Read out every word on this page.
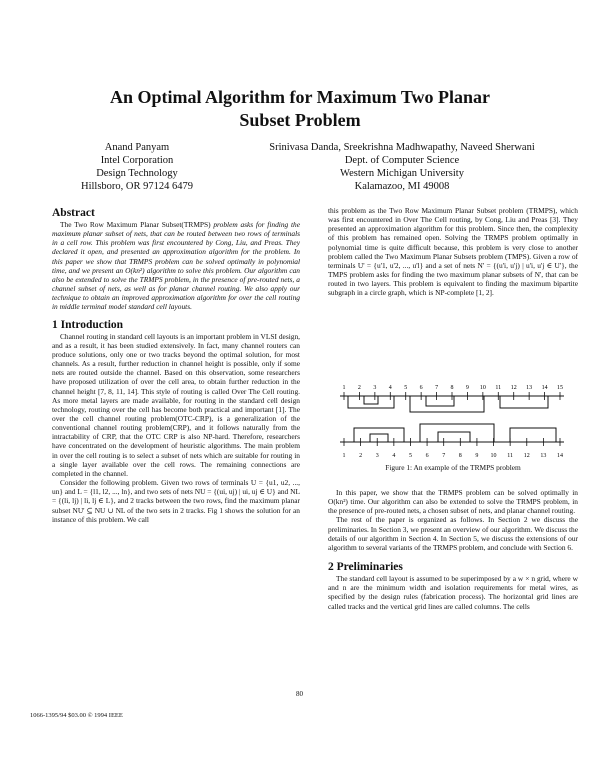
An Optimal Algorithm for Maximum Two Planar
Subset Problem
Anand Panyam
Intel Corporation
Design Technology
Hillsboro, OR 97124 6479
Srinivasa Danda, Sreekrishna Madhwapathy, Naveed Sherwani
Dept. of Computer Science
Western Michigan University
Kalamazoo, MI 49008
Abstract

The Two Row Maximum Planar Subset(TRMPS) problem asks for finding the maximum planar subset of nets, that can be routed between two rows of terminals in a cell row. This problem was first encountered by Cong, Liu, and Preas. They declared it open, and presented an approximation algorithm for the problem. In this paper we show that TRMPS problem can be solved optimally in polynomial time, and we present an O(kn²) algorithm to solve this problem. Our algorithm can also be extended to solve the TRMPS problem, in the presence of pre-routed nets, a channel subset of nets, as well as for planar channel routing. We also apply our technique to obtain an improved approximation algorithm for over the cell routing in middle terminal model standard cell layouts.

1 Introduction

Channel routing in standard cell layouts is an important problem in VLSI design, and as a result, it has been studied extensively. In fact, many channel routers can produce solutions, only one or two tracks beyond the optimal solution, for most channels. As a result, further reduction in channel height is possible, only if some nets are routed outside the channel. Based on this observation, some researchers have proposed utilization of over the cell area, to obtain further reduction in the channel height [7, 8, 11, 14]. This style of routing is called Over The Cell routing. As more metal layers are made available, for routing in the standard cell design technology, routing over the cell has become both practical and important [1]. The over the cell channel routing problem(OTC-CRP), is a generalization of the conventional channel routing problem(CRP), and it follows naturally from the intractability of CRP, that the OTC CRP is also NP-hard. Therefore, researchers have concentrated on the development of heuristic algorithms. The main problem in over the cell routing is to select a subset of nets which are suitable for routing in a single layer available over the cell rows. The remaining connections are completed in the channel.

Consider the following problem. Given two rows of terminals U = {u1, u2, ..., un} and L = {l1, l2, ..., ln}, and two sets of nets NU = {(ui, uj) | ui, uj ∈ U} and NL = {(li, lj) | li, lj ∈ L}, and 2 tracks between the two rows, find the maximum planar subset NU' ⊆ NU ∪ NL of the two sets in 2 tracks. Fig 1 shows the solution for an instance of this problem. We call

this problem as the Two Row Maximum Planar Subset problem (TRMPS), which was first encountered in Over The Cell routing, by Cong, Liu and Preas [3]. They presented an approximation algorithm for this problem. Since then, the complexity of this problem has remained open. Solving the TRMPS problem optimally in polynomial time is quite difficult because, this problem is very close to another problem called the Two Maximum Planar Subsets problem (TMPS). Given a row of terminals U' = {u'1, u'2, ..., u'l} and a set of nets N' = {(u'i, u'j) | u'i, u'j ∈ U'}, the TMPS problem asks for finding the two maximum planar subsets of N', that can be routed in two layers. This problem is equivalent to finding the maximum bipartite subgraph in a circle graph, which is NP-complete [1, 2].

1 2 3 4 5 6 7 8 9 10 11 12 13 14 15
1 2 3 4 5 6 7 8 9 10 11 12 13 14
Figure 1: An example of the TRMPS problem

In this paper, we show that the TRMPS problem can be solved optimally in O(kn²) time. Our algorithm can also be extended to solve the TRMPS problem, in the presence of pre-routed nets, a chosen subset of nets, and planar channel routing.

The rest of the paper is organized as follows. In Section 2 we discuss the preliminaries. In Section 3, we present an overview of our algorithm. We discuss the details of our algorithm in Section 4. In Section 5, we discuss the extensions of our algorithm to several variants of the TRMPS problem, and conclude with Section 6.

2 Preliminaries

The standard cell layout is assumed to be superimposed by a w × n grid, where w and n are the minimum width and isolation requirements for metal wires, as specified by the design rules (fabrication process). The horizontal grid lines are called tracks and the vertical grid lines are called columns. The cells

80
1066-1395/94 $03.00 © 1994 IEEE
